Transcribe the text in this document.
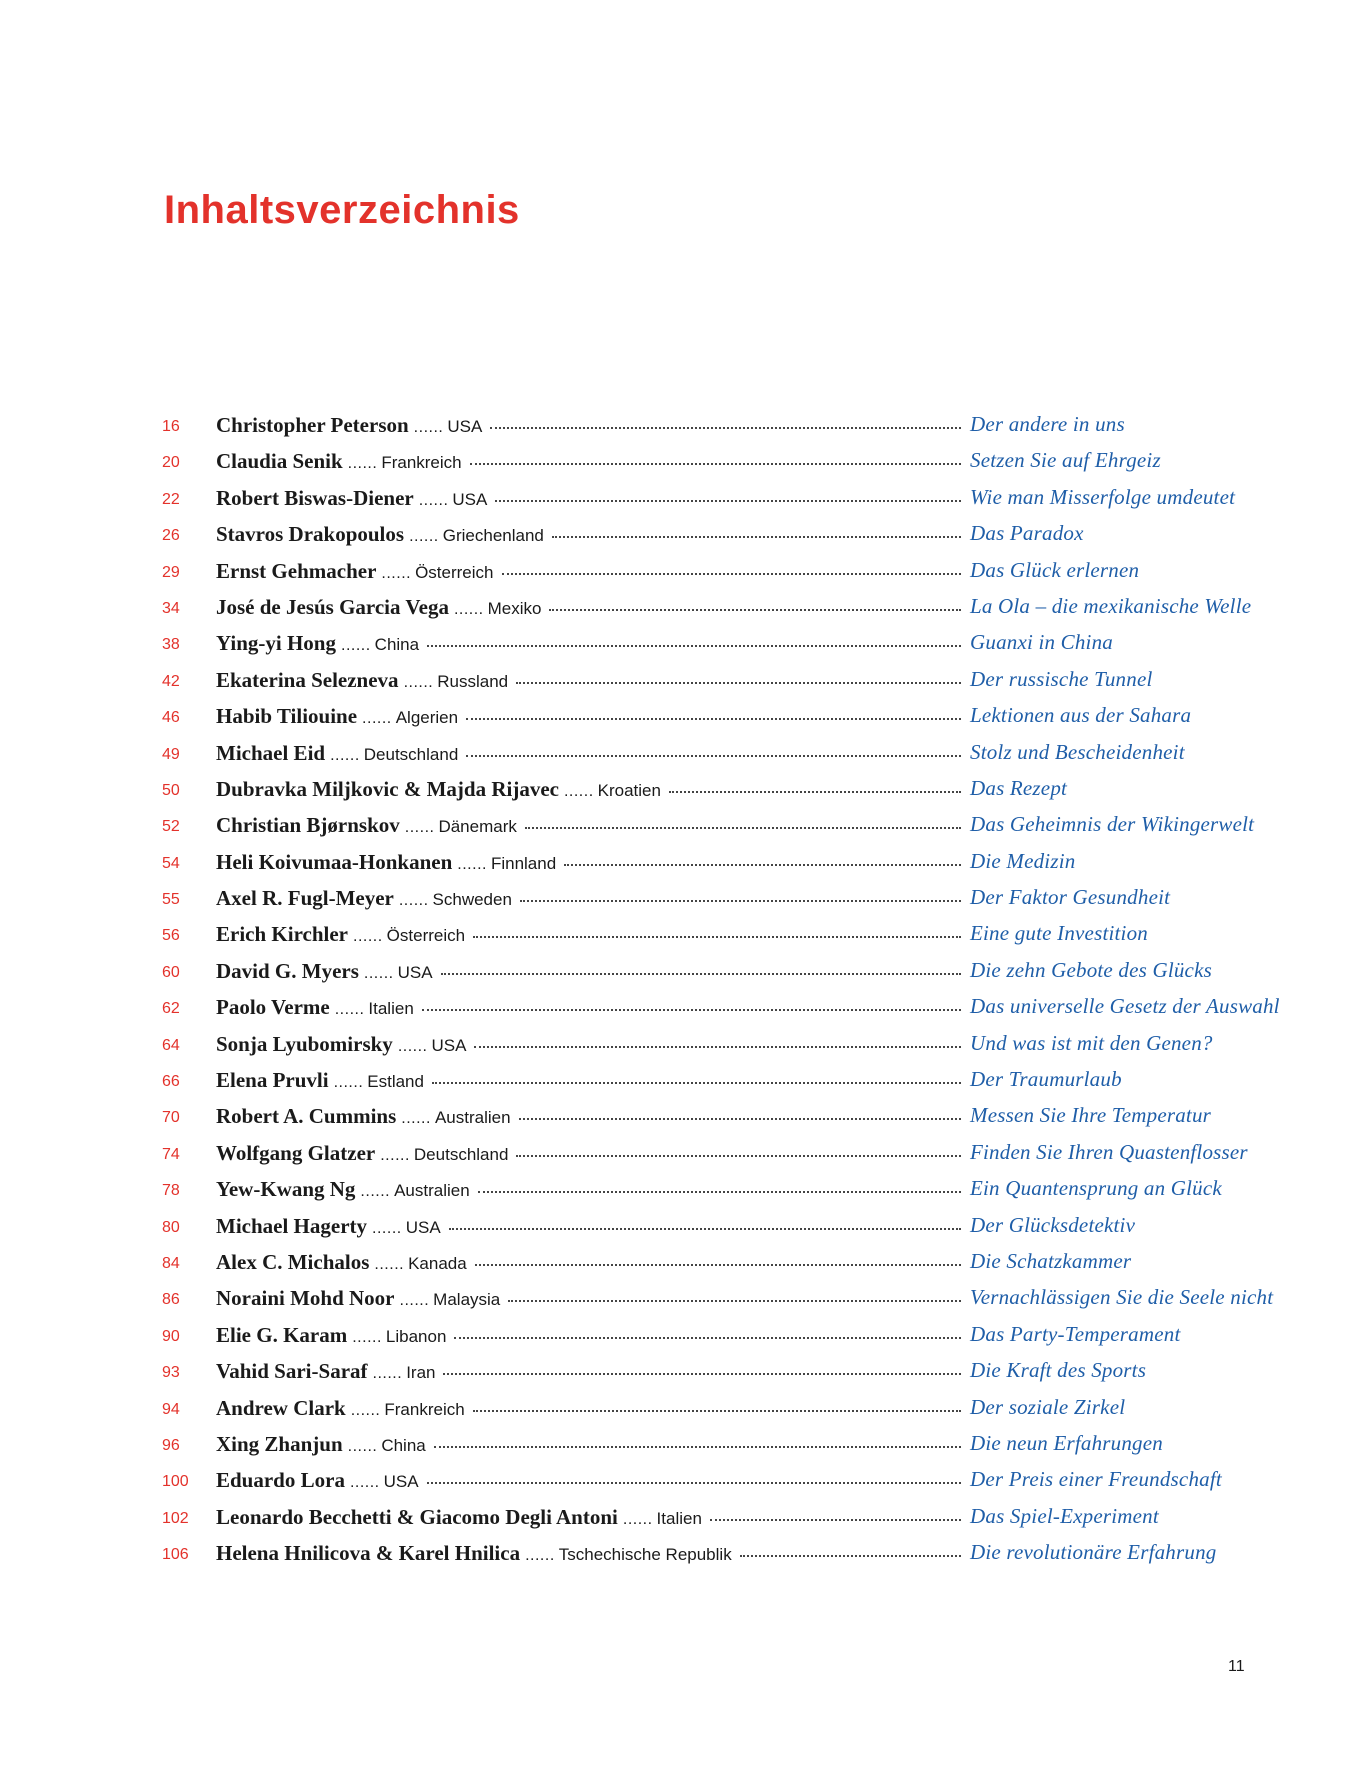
Inhaltsverzeichnis
16 Christopher Peterson ...... USA	Der andere in uns
20 Claudia Senik ...... Frankreich	Setzen Sie auf Ehrgeiz
22 Robert Biswas-Diener ...... USA	Wie man Misserfolge umdeutet
26 Stavros Drakopoulos ...... Griechenland	Das Paradox
29 Ernst Gehmacher ...... Österreich	Das Glück erlernen
34 José de Jesús Garcia Vega ...... Mexiko	La Ola – die mexikanische Welle
38 Ying-yi Hong ...... China	Guanxi in China
42 Ekaterina Selezneva ...... Russland	Der russische Tunnel
46 Habib Tiliouine ...... Algerien	Lektionen aus der Sahara
49 Michael Eid ...... Deutschland	Stolz und Bescheidenheit
50 Dubravka Miljkovic & Majda Rijavec ...... Kroatien	Das Rezept
52 Christian Bjørnskov ...... Dänemark	Das Geheimnis der Wikingerwelt
54 Heli Koivumaa-Honkanen ...... Finnland	Die Medizin
55 Axel R. Fugl-Meyer ...... Schweden	Der Faktor Gesundheit
56 Erich Kirchler ...... Österreich	Eine gute Investition
60 David G. Myers ...... USA	Die zehn Gebote des Glücks
62 Paolo Verme ...... Italien	Das universelle Gesetz der Auswahl
64 Sonja Lyubomirsky ...... USA	Und was ist mit den Genen?
66 Elena Pruvli ...... Estland	Der Traumurlaub
70 Robert A. Cummins ...... Australien	Messen Sie Ihre Temperatur
74 Wolfgang Glatzer ...... Deutschland	Finden Sie Ihren Quastenflosser
78 Yew-Kwang Ng ...... Australien	Ein Quantensprung an Glück
80 Michael Hagerty ...... USA	Der Glücksdetektiv
84 Alex C. Michalos ...... Kanada	Die Schatzkammer
86 Noraini Mohd Noor ...... Malaysia	Vernachlässigen Sie die Seele nicht
90 Elie G. Karam ...... Libanon	Das Party-Temperament
93 Vahid Sari-Saraf ...... Iran	Die Kraft des Sports
94 Andrew Clark ...... Frankreich	Der soziale Zirkel
96 Xing Zhanjun ...... China	Die neun Erfahrungen
100 Eduardo Lora ...... USA	Der Preis einer Freundschaft
102 Leonardo Becchetti & Giacomo Degli Antoni ...... Italien	Das Spiel-Experiment
106 Helena Hnilicova & Karel Hnilica ...... Tschechische Republik	Die revolutionäre Erfahrung
11
